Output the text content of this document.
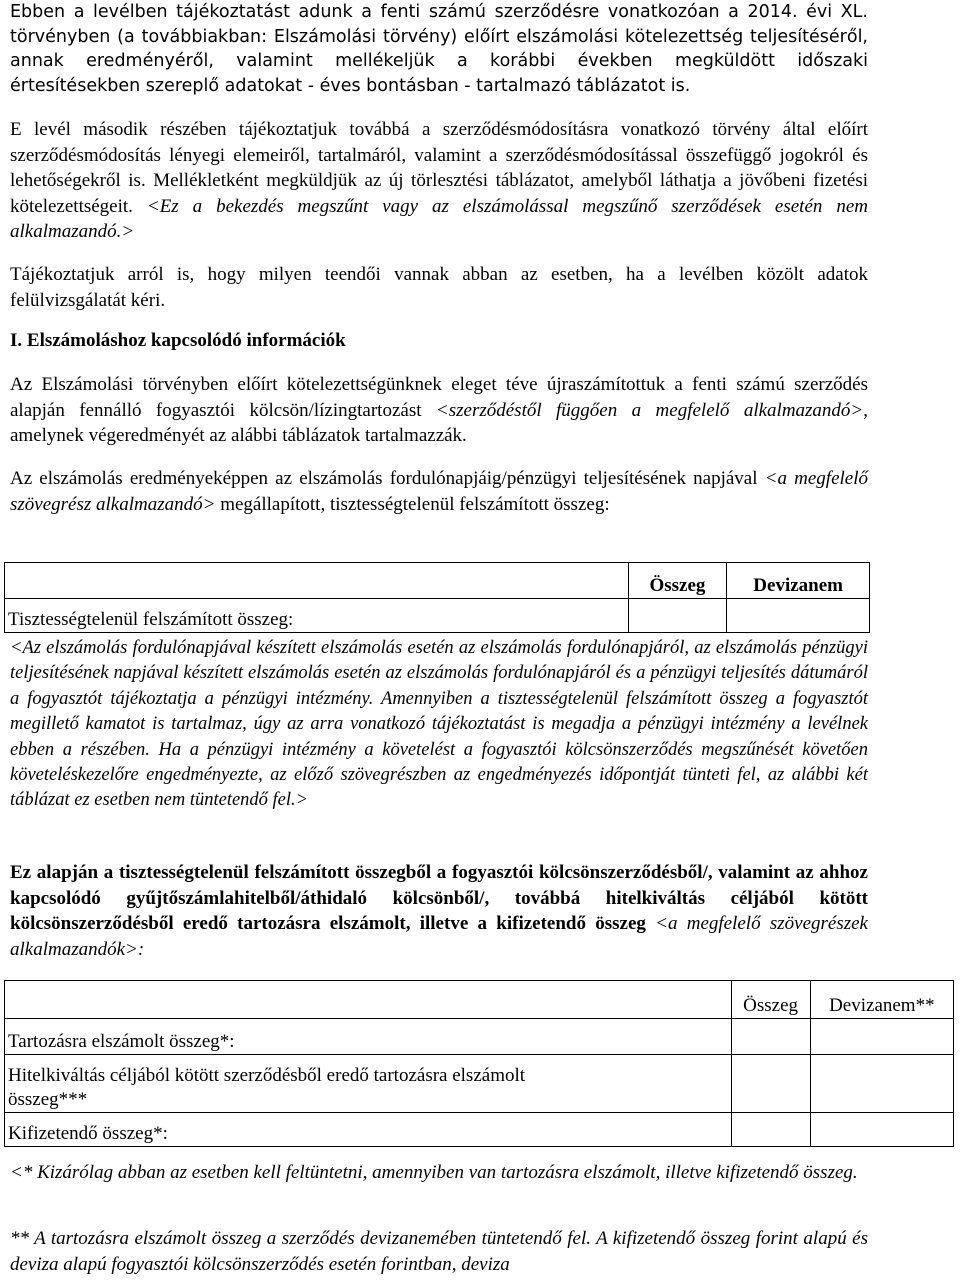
Ebben a levélben tájékoztatást adunk a fenti számú szerződésre vonatkozóan a 2014. évi XL. törvényben (a továbbiakban: Elszámolási törvény) előírt elszámolási kötelezettség teljesítéséről, annak eredményéről, valamint mellékeljük a korábbi években megküldött időszaki értesítésekben szereplő adatokat - éves bontásban - tartalmazó táblázatot is.

E levél második részében tájékoztatjuk továbbá a szerződésmódosításra vonatkozó törvény által előírt szerződésmódosítás lényegi elemeiről, tartalmáról, valamint a szerződésmódosítással összefüggő jogokról és lehetőségekről is. Mellékletként megküldjük az új törlesztési táblázatot, amelyből láthatja a jövőbeni fizetési kötelezettségeit. <Ez a bekezdés megszűnt vagy az elszámolással megszűnő szerződések esetén nem alkalmazandó.>

Tájékoztatjuk arról is, hogy milyen teendői vannak abban az esetben, ha a levélben közölt adatok felülvizsgálatát kéri.

I. Elszámoláshoz kapcsolódó információk

Az Elszámolási törvényben előírt kötelezettségünknek eleget téve újraszámítottuk a fenti számú szerződés alapján fennálló fogyasztói kölcsön/lízingtartozást <szerződéstől függően a megfelelő alkalmazandó>, amelynek végeredményét az alábbi táblázatok tartalmazzák.

Az elszámolás eredményeképpen az elszámolás fordulónapjáig/pénzügyi teljesítésének napjával <a megfelelő szövegrész alkalmazandó> megállapított, tisztességtelenül felszámított összeg:

	Összeg	Devizanem
Tisztességtelenül felszámított összeg:		

<Az elszámolás fordulónapjával készített elszámolás esetén az elszámolás fordulónapjáról, az elszámolás pénzügyi teljesítésének napjával készített elszámolás esetén az elszámolás fordulónapjáról és a pénzügyi teljesítés dátumáról a fogyasztót tájékoztatja a pénzügyi intézmény. Amennyiben a tisztességtelenül felszámított összeg a fogyasztót megillető kamatot is tartalmaz, úgy az arra vonatkozó tájékoztatást is megadja a pénzügyi intézmény a levélnek ebben a részében. Ha a pénzügyi intézmény a követelést a fogyasztói kölcsönszerződés megszűnését követően követeléskezelőre engedményezte, az előző szövegrészben az engedményezés időpontját tünteti fel, az alábbi két táblázat ez esetben nem tüntetendő fel.>

Ez alapján a tisztességtelenül felszámított összegből a fogyasztói kölcsönszerződésből/, valamint az ahhoz kapcsolódó gyűjtőszámlahitelből/áthidaló kölcsönből/, továbbá hitelkiváltás céljából kötött kölcsönszerződésből eredő tartozásra elszámolt, illetve a kifizetendő összeg <a megfelelő szövegrészek alkalmazandók>:

	Összeg	Devizanem**
Tartozásra elszámolt összeg*:		
Hitelkiváltás céljából kötött szerződésből eredő tartozásra elszámolt összeg***		
Kifizetendő összeg*:		

<* Kizárólag abban az esetben kell feltüntetni, amennyiben van tartozásra elszámolt, illetve kifizetendő összeg.

** A tartozásra elszámolt összeg a szerződés devizanemében tüntetendő fel. A kifizetendő összeg forint alapú és deviza alapú fogyasztói kölcsönszerződés esetén forintban, deviza
